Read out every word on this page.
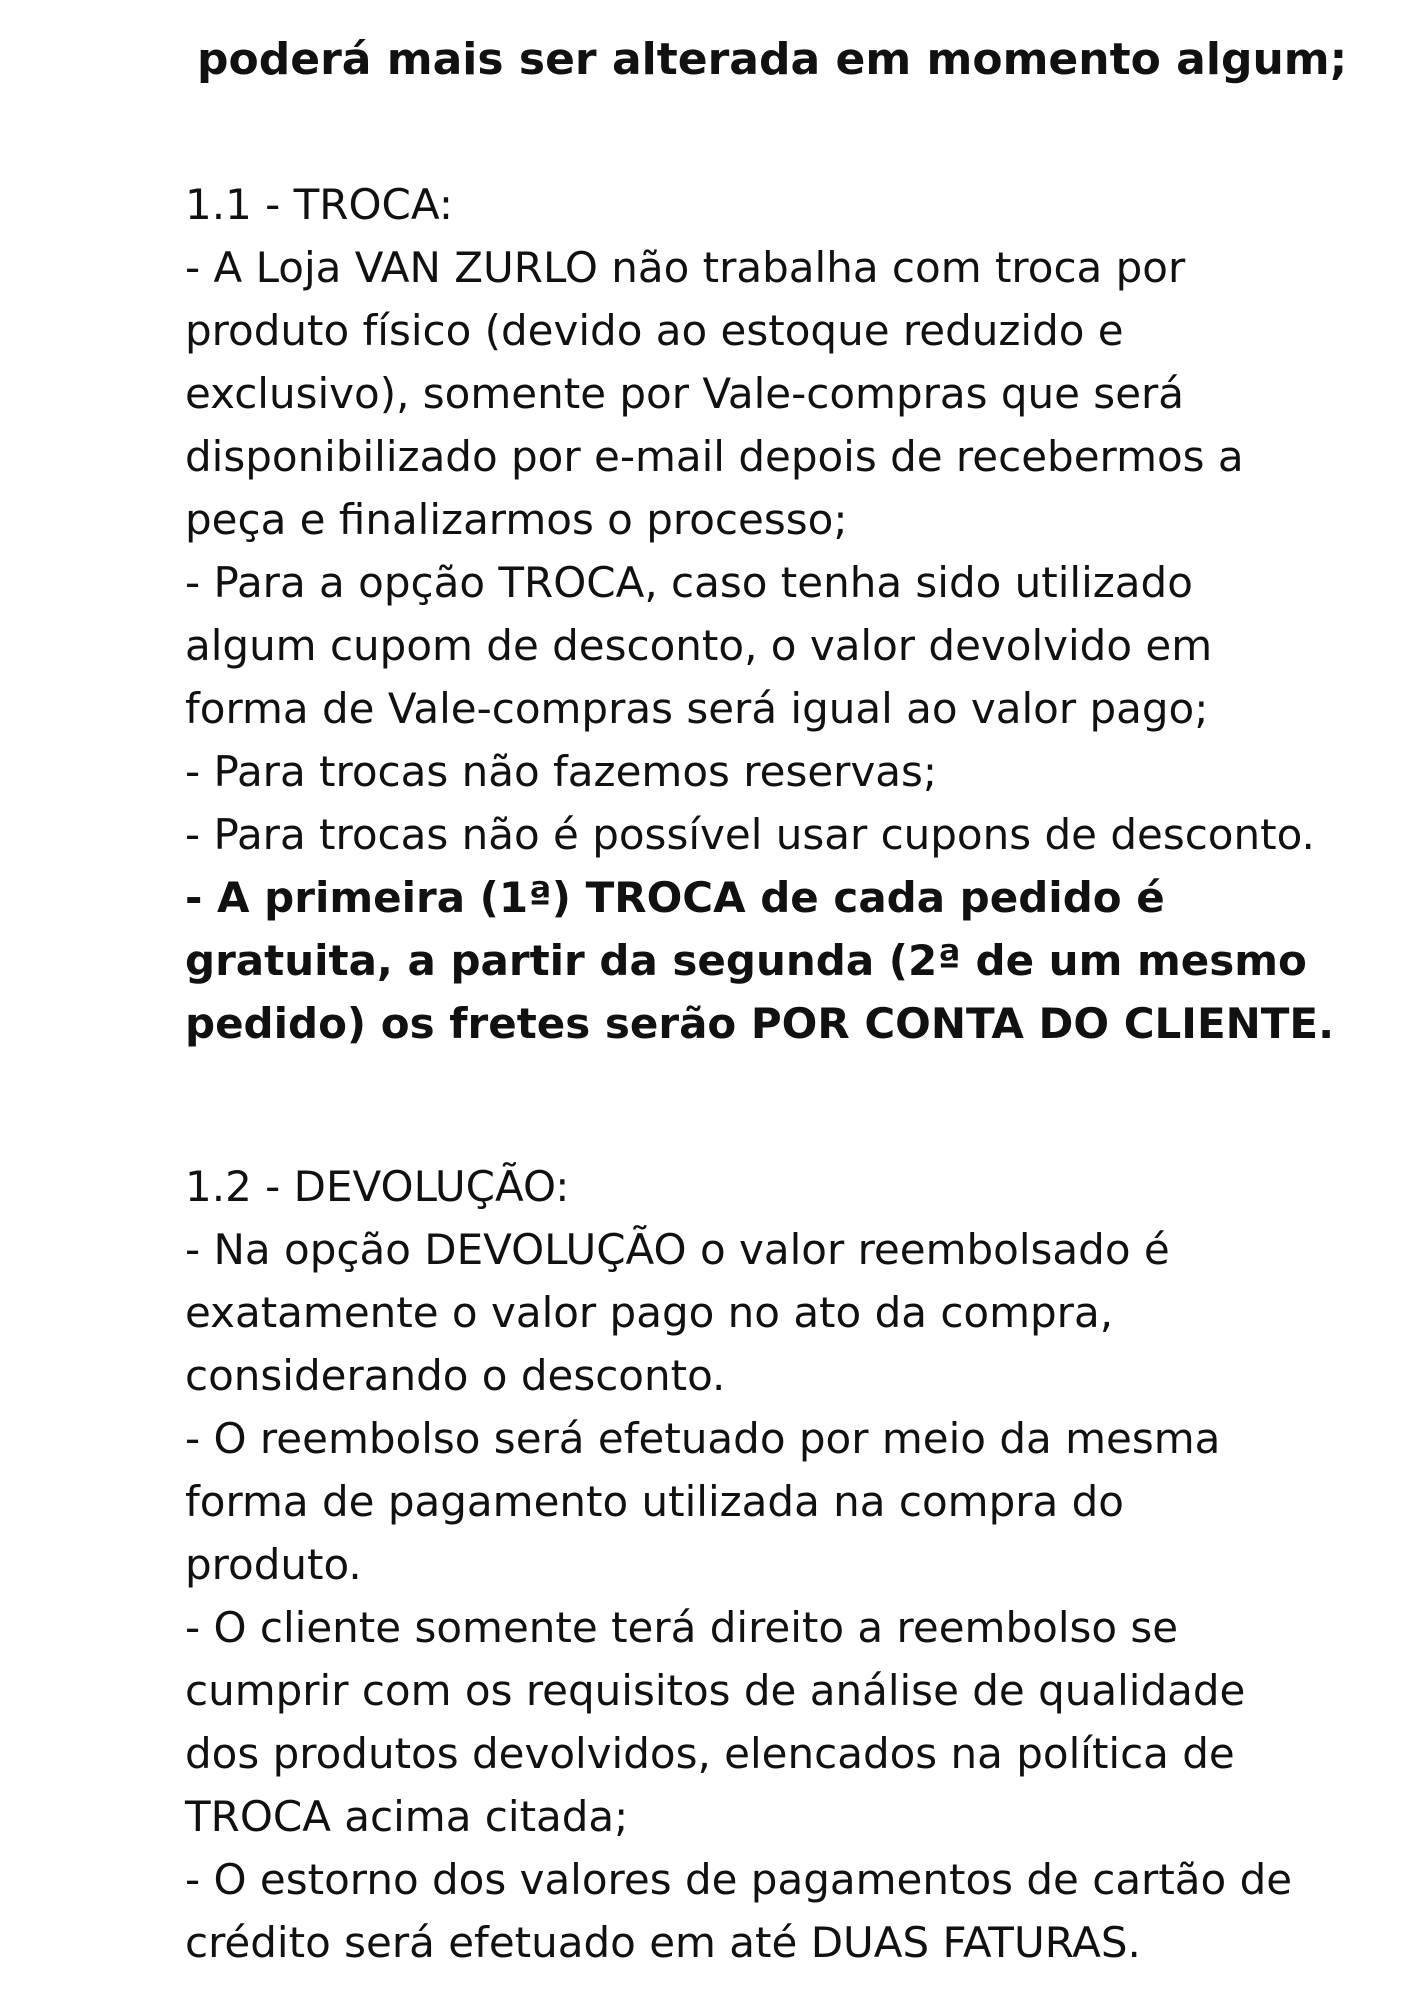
poderá mais ser alterada em momento algum;
1.1 - TROCA:
- A Loja VAN ZURLO não trabalha com troca por
produto físico (devido ao estoque reduzido e
exclusivo), somente por Vale-compras que será
disponibilizado por e-mail depois de recebermos a
peça e finalizarmos o processo;
- Para a opção TROCA, caso tenha sido utilizado
algum cupom de desconto, o valor devolvido em
forma de Vale-compras será igual ao valor pago;
- Para trocas não fazemos reservas;
- Para trocas não é possível usar cupons de desconto.
- A primeira (1ª) TROCA de cada pedido é
gratuita, a partir da segunda (2ª de um mesmo
pedido) os fretes serão POR CONTA DO CLIENTE.
1.2 - DEVOLUÇÃO:
- Na opção DEVOLUÇÃO o valor reembolsado é
exatamente o valor pago no ato da compra,
considerando o desconto.
- O reembolso será efetuado por meio da mesma
forma de pagamento utilizada na compra do
produto.
- O cliente somente terá direito a reembolso se
cumprir com os requisitos de análise de qualidade
dos produtos devolvidos, elencados na política de
TROCA acima citada;
- O estorno dos valores de pagamentos de cartão de
crédito será efetuado em até DUAS FATURAS.
